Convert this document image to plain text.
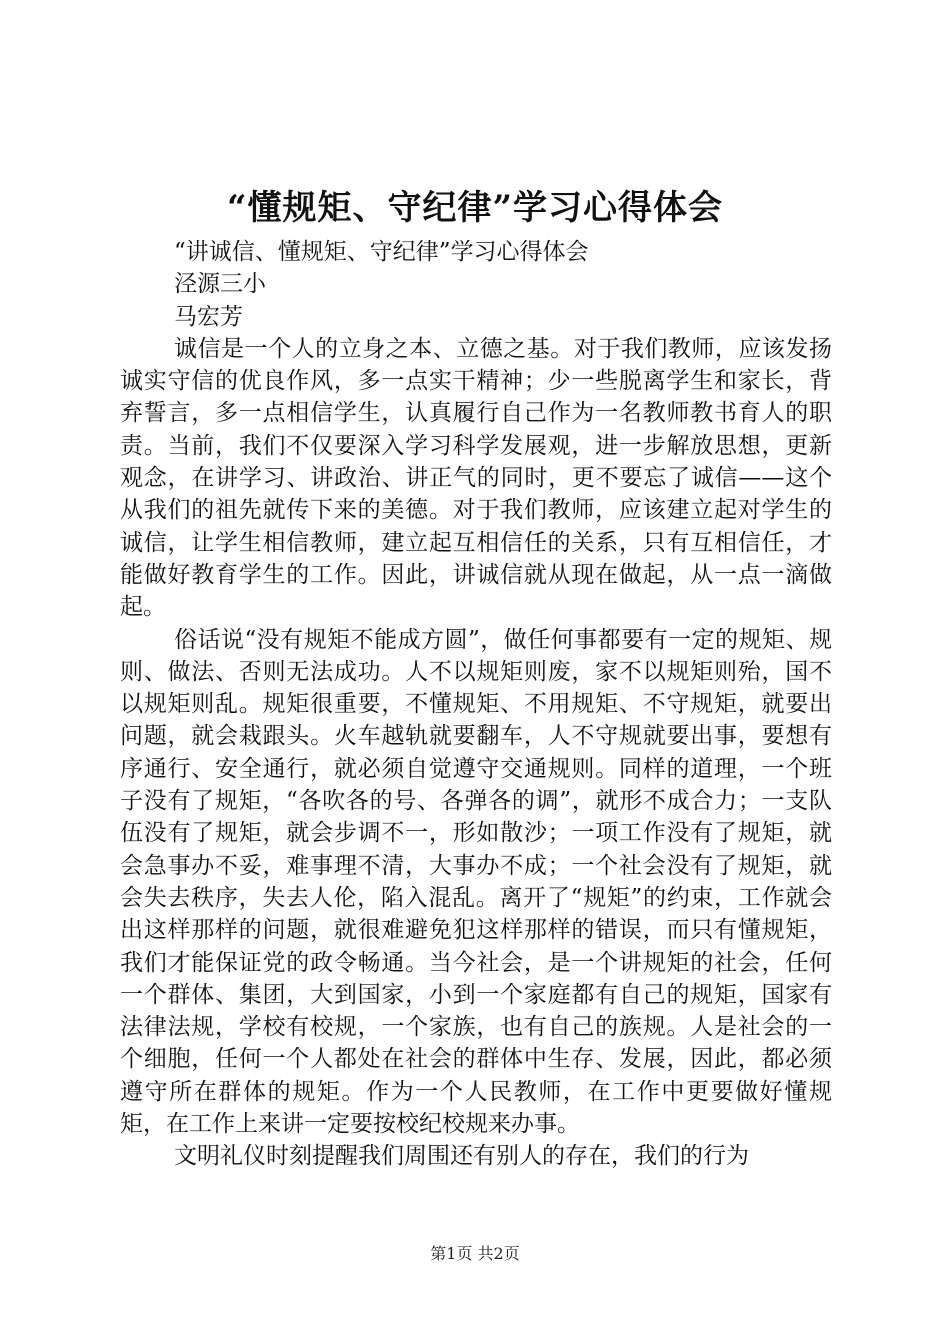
“懂规矩、守纪律”学习心得体会

“讲诚信、懂规矩、守纪律”学习心得体会

泾源三小

马宏芳

诚信是一个人的立身之本、立德之基。对于我们教师，应该发扬诚实守信的优良作风，多一点实干精神；少一些脱离学生和家长，背弃誓言，多一点相信学生，认真履行自己作为一名教师教书育人的职责。当前，我们不仅要深入学习科学发展观，进一步解放思想，更新观念，在讲学习、讲政治、讲正气的同时，更不要忘了诚信——这个从我们的祖先就传下来的美德。对于我们教师，应该建立起对学生的诚信，让学生相信教师，建立起互相信任的关系，只有互相信任，才能做好教育学生的工作。因此，讲诚信就从现在做起，从一点一滴做起。

俗话说“没有规矩不能成方圆”，做任何事都要有一定的规矩、规则、做法、否则无法成功。人不以规矩则废，家不以规矩则殆，国不以规矩则乱。规矩很重要，不懂规矩、不用规矩、不守规矩，就要出问题，就会栽跟头。火车越轨就要翻车，人不守规就要出事，要想有序通行、安全通行，就必须自觉遵守交通规则。同样的道理，一个班子没有了规矩，“各吹各的号、各弹各的调”，就形不成合力；一支队伍没有了规矩，就会步调不一，形如散沙；一项工作没有了规矩，就会急事办不妥，难事理不清，大事办不成；一个社会没有了规矩，就会失去秩序，失去人伦，陷入混乱。离开了“规矩”的约束，工作就会出这样那样的问题，就很难避免犯这样那样的错误，而只有懂规矩，我们才能保证党的政令畅通。当今社会，是一个讲规矩的社会，任何一个群体、集团，大到国家，小到一个家庭都有自己的规矩，国家有法律法规，学校有校规，一个家族，也有自己的族规。人是社会的一个细胞，任何一个人都处在社会的群体中生存、发展，因此，都必须遵守所在群体的规矩。作为一个人民教师，在工作中更要做好懂规矩，在工作上来讲一定要按校纪校规来办事。

文明礼仪时刻提醒我们周围还有别人的存在，我们的行为

第1页 共2页
